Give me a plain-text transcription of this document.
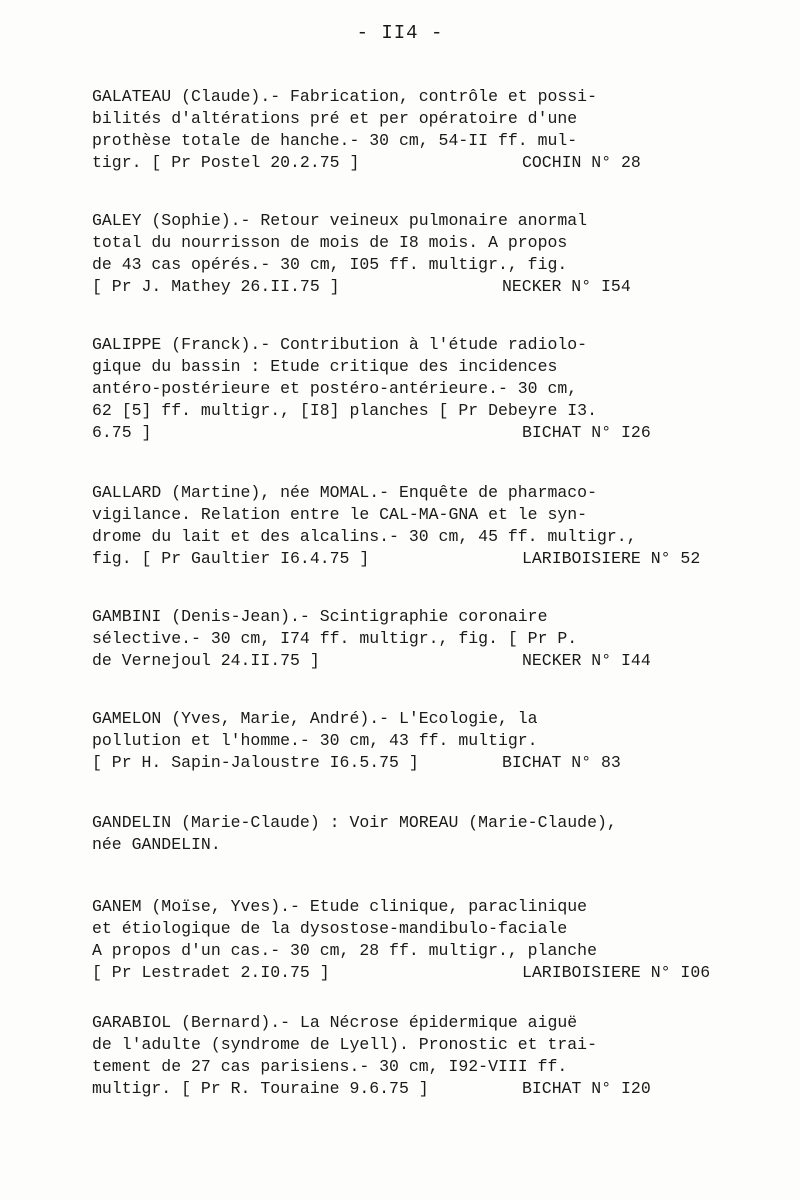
- II4 -
GALATEAU (Claude).- Fabrication, contrôle et possi-
bilités d'altérations pré et per opératoire d'une
prothèse totale de hanche.- 30 cm, 54-II ff. mul-
tigr. [ Pr Postel 20.2.75 ]	COCHIN N° 28
GALEY (Sophie).- Retour veineux pulmonaire anormal
total du nourrisson de mois de I8 mois. A propos
de 43 cas opérés.- 30 cm, I05 ff. multigr., fig.
[ Pr J. Mathey 26.II.75 ]	NECKER N° I54
GALIPPE (Franck).- Contribution à l'étude radiolo-
gique du bassin : Etude critique des incidences
antéro-postérieure et postéro-antérieure.- 30 cm,
62 [5] ff. multigr., [I8] planches [ Pr Debeyre I3.
6.75 ]	BICHAT N° I26
GALLARD (Martine), née MOMAL.- Enquête de pharmaco-
vigilance. Relation entre le CAL-MA-GNA et le syn-
drome du lait et des alcalins.- 30 cm, 45 ff. multigr.,
fig. [ Pr Gaultier I6.4.75 ]	LARIBOISIERE N° 52
GAMBINI (Denis-Jean).- Scintigraphie coronaire
sélective.- 30 cm, I74 ff. multigr., fig. [ Pr P.
de Vernejoul 24.II.75 ]	NECKER N° I44
GAMELON (Yves, Marie, André).- L'Ecologie, la
pollution et l'homme.- 30 cm, 43 ff. multigr.
[ Pr H. Sapin-Jaloustre I6.5.75 ]	BICHAT N° 83
GANDELIN (Marie-Claude) : Voir MOREAU (Marie-Claude),
née GANDELIN.
GANEM (Moïse, Yves).- Etude clinique, paraclinique
et étiologique de la dysostose-mandibulo-faciale
A propos d'un cas.- 30 cm, 28 ff. multigr., planche
[ Pr Lestradet 2.I0.75 ]	LARIBOISIERE N° I06
GARABIOL (Bernard).- La Nécrose épidermique aiguë
de l'adulte (syndrome de Lyell). Pronostic et trai-
tement de 27 cas parisiens.- 30 cm, I92-VIII ff.
multigr. [ Pr R. Touraine 9.6.75 ]	BICHAT N° I20
